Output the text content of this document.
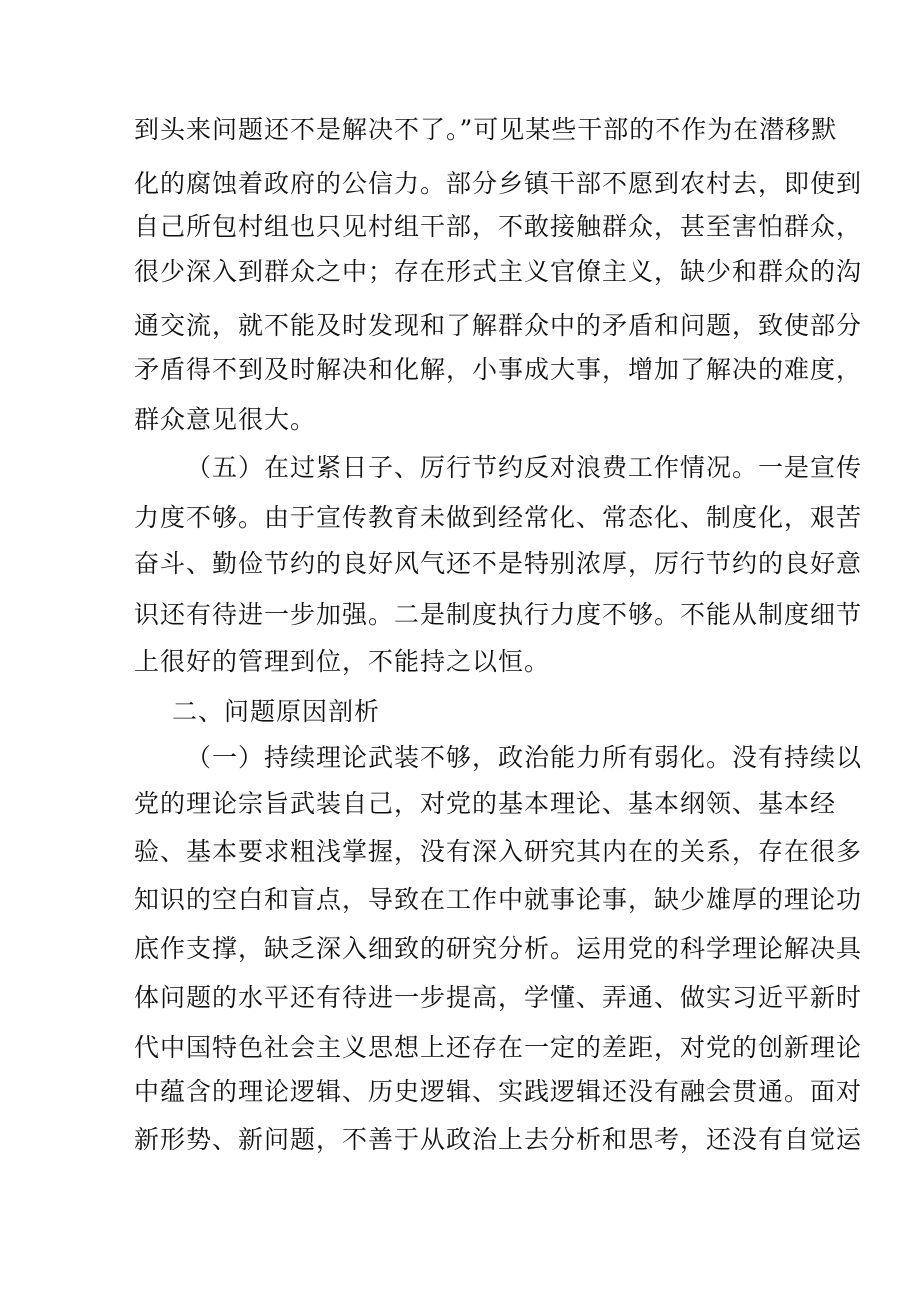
到头来问题还不是解决不了。”可见某些干部的不作为在潜移默
化的腐蚀着政府的公信力。部分乡镇干部不愿到农村去，即使到
自己所包村组也只见村组干部，不敢接触群众，甚至害怕群众，
很少深入到群众之中；存在形式主义官僚主义，缺少和群众的沟
通交流，就不能及时发现和了解群众中的矛盾和问题，致使部分
矛盾得不到及时解决和化解，小事成大事，增加了解决的难度，
群众意见很大。
（五）在过紧日子、厉行节约反对浪费工作情况。一是宣传
力度不够。由于宣传教育未做到经常化、常态化、制度化，艰苦
奋斗、勤俭节约的良好风气还不是特别浓厚，厉行节约的良好意
识还有待进一步加强。二是制度执行力度不够。不能从制度细节
上很好的管理到位，不能持之以恒。
二、问题原因剖析
（一）持续理论武装不够，政治能力所有弱化。没有持续以
党的理论宗旨武装自己，对党的基本理论、基本纲领、基本经
验、基本要求粗浅掌握，没有深入研究其内在的关系，存在很多
知识的空白和盲点，导致在工作中就事论事，缺少雄厚的理论功
底作支撑，缺乏深入细致的研究分析。运用党的科学理论解决具
体问题的水平还有待进一步提高，学懂、弄通、做实习近平新时
代中国特色社会主义思想上还存在一定的差距，对党的创新理论
中蕴含的理论逻辑、历史逻辑、实践逻辑还没有融会贯通。面对
新形势、新问题，不善于从政治上去分析和思考，还没有自觉运
